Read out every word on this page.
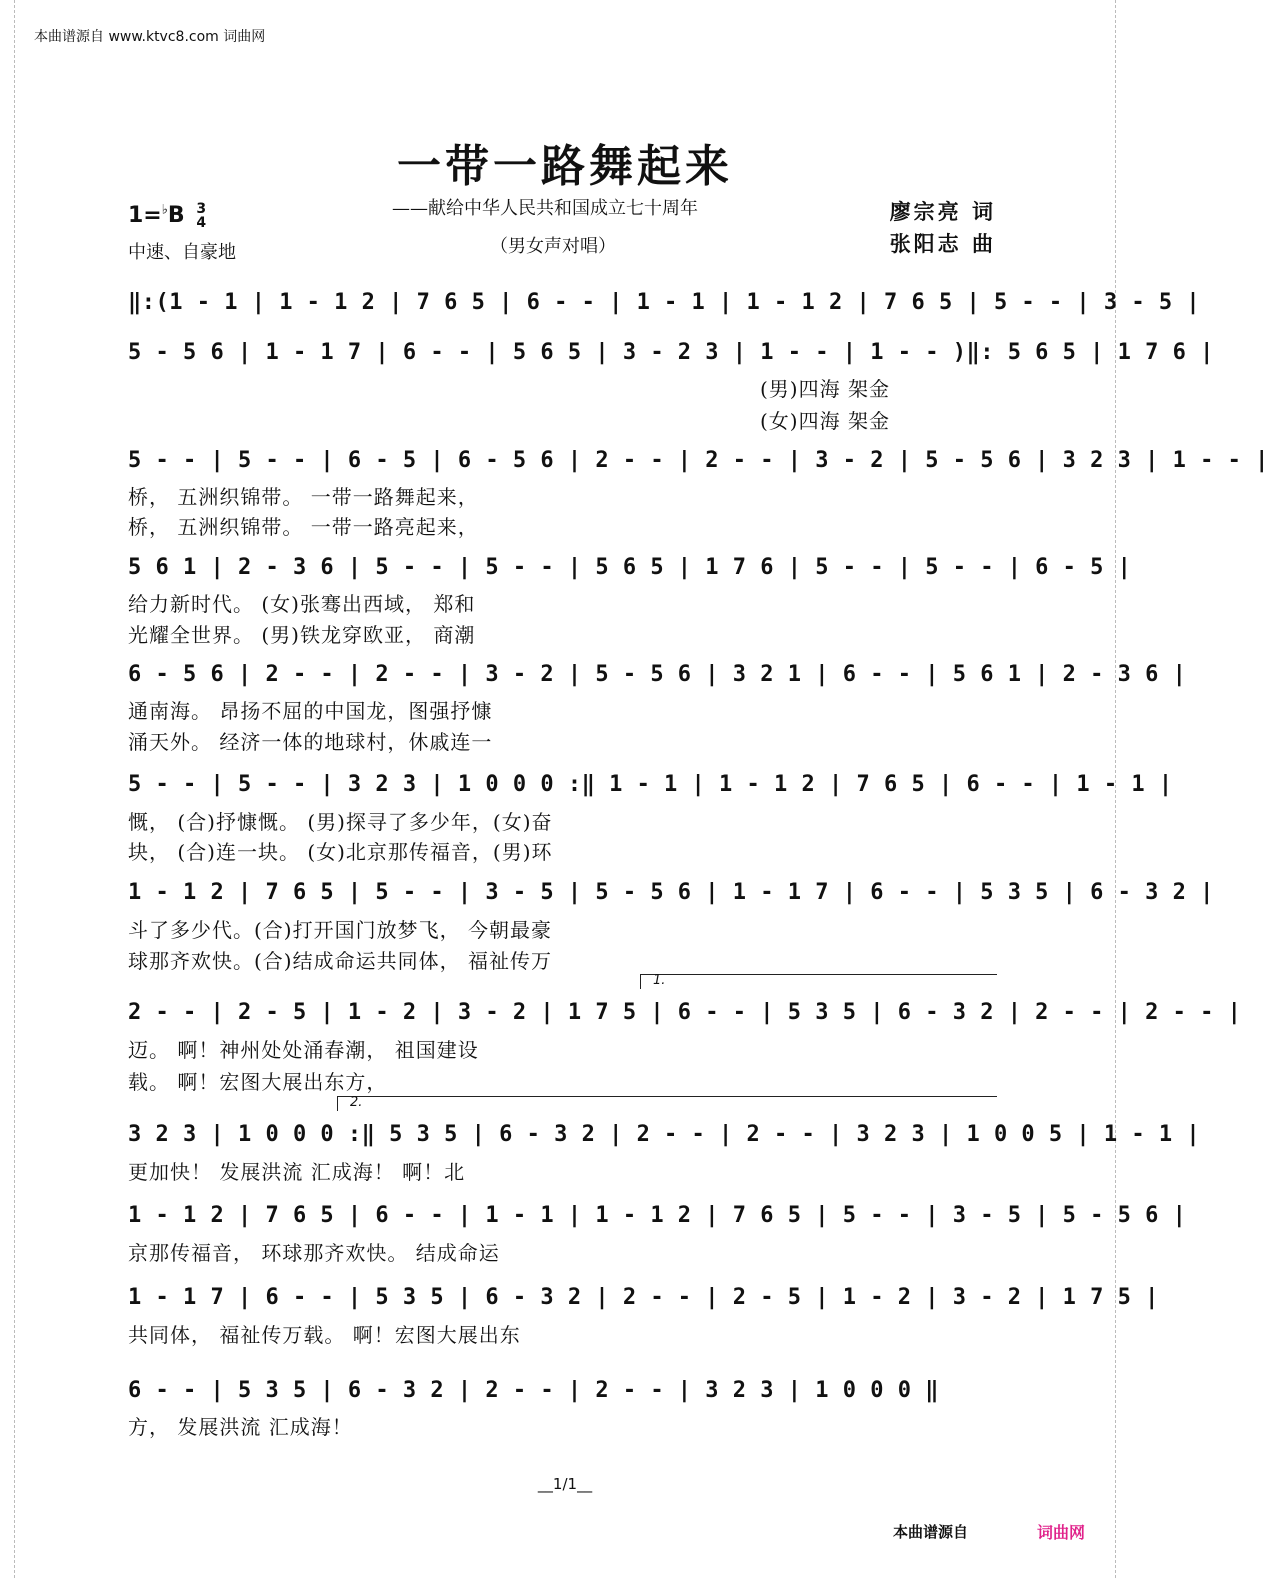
本曲谱源自 www.ktvc8.com 词曲网
一带一路舞起来
——献给中华人民共和国成立七十周年
（男女声对唱）
1=♭B 3
4
中速、自豪地
廖宗亮 词
张阳志 曲
‖:(1 - 1 | 1 - 1 2 | 7 6 5 | 6 - - | 1 - 1 | 1 - 1 2 | 7 6 5 | 5 - - | 3 - 5 |
5 - 5 6 | 1 - 1 7 | 6 - - | 5 6 5 | 3 - 2 3 | 1 - - | 1 - - )‖: 5 6 5 | 1 7 6 |
(男)四海 架金
(女)四海 架金
5 - - | 5 - - | 6 - 5 | 6 - 5 6 | 2 - - | 2 - - | 3 - 2 | 5 - 5 6 | 3 2 3 | 1 - - |
桥， 五洲织锦带。 一带一路舞起来，
桥， 五洲织锦带。 一带一路亮起来，
5 6 1 | 2 - 3 6 | 5 - - | 5 - - | 5 6 5 | 1 7 6 | 5 - - | 5 - - | 6 - 5 |
给力新时代。 (女)张骞出西域， 郑和
光耀全世界。 (男)铁龙穿欧亚， 商潮
6 - 5 6 | 2 - - | 2 - - | 3 - 2 | 5 - 5 6 | 3 2 1 | 6 - - | 5 6 1 | 2 - 3 6 |
通南海。 昂扬不屈的中国龙，图强抒慷
涌天外。 经济一体的地球村，休戚连一
5 - - | 5 - - | 3 2 3 | 1 0 0 0 :‖ 1 - 1 | 1 - 1 2 | 7 6 5 | 6 - - | 1 - 1 |
慨， (合)抒慷慨。 (男)探寻了多少年，(女)奋
块， (合)连一块。 (女)北京那传福音，(男)环
1 - 1 2 | 7 6 5 | 5 - - | 3 - 5 | 5 - 5 6 | 1 - 1 7 | 6 - - | 5 3 5 | 6 - 3 2 |
斗了多少代。(合)打开国门放梦飞， 今朝最豪
球那齐欢快。(合)结成命运共同体， 福祉传万
1.
2 - - | 2 - 5 | 1 - 2 | 3 - 2 | 1 7 5 | 6 - - | 5 3 5 | 6 - 3 2 | 2 - - | 2 - - |
迈。 啊！神州处处涌春潮， 祖国建设
载。 啊！宏图大展出东方，
2.
3 2 3 | 1 0 0 0 :‖ 5 3 5 | 6 - 3 2 | 2 - - | 2 - - | 3 2 3 | 1 0 0 5 | 1 - 1 |
更加快！ 发展洪流 汇成海！ 啊！北
1 - 1 2 | 7 6 5 | 6 - - | 1 - 1 | 1 - 1 2 | 7 6 5 | 5 - - | 3 - 5 | 5 - 5 6 |
京那传福音， 环球那齐欢快。 结成命运
1 - 1 7 | 6 - - | 5 3 5 | 6 - 3 2 | 2 - - | 2 - 5 | 1 - 2 | 3 - 2 | 1 7 5 |
共同体， 福祉传万载。 啊！宏图大展出东
6 - - | 5 3 5 | 6 - 3 2 | 2 - - | 2 - - | 3 2 3 | 1 0 0 0 ‖
方， 发展洪流 汇成海！
__1/1__
本曲谱源自	词曲网
